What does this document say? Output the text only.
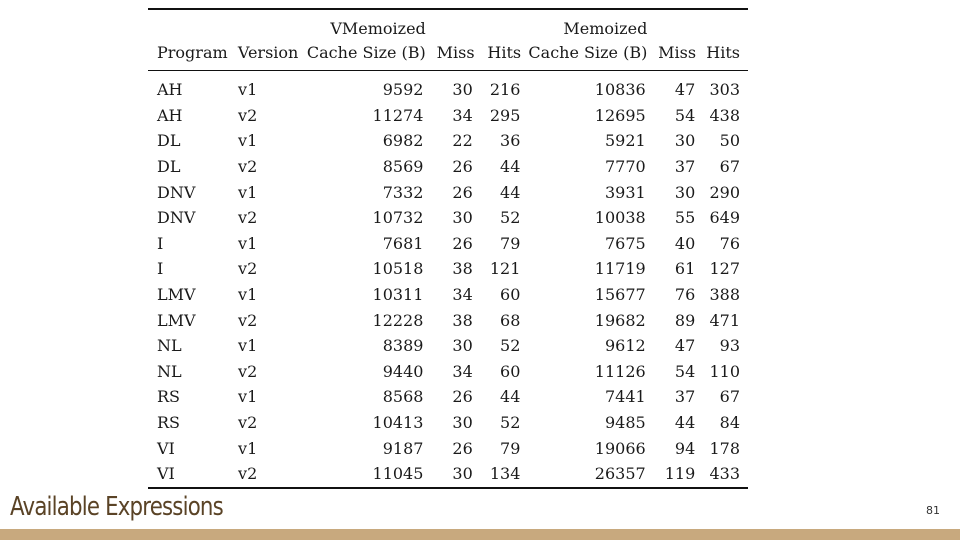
		VMemoized			Memoized		
Program	Version	Cache Size (B)	Miss	Hits	Cache Size (B)	Miss	Hits

AH	v1	9592	30	216	10836	47	303
AH	v2	11274	34	295	12695	54	438
DL	v1	6982	22	36	5921	30	50
DL	v2	8569	26	44	7770	37	67
DNV	v1	7332	26	44	3931	30	290
DNV	v2	10732	30	52	10038	55	649
I	v1	7681	26	79	7675	40	76
I	v2	10518	38	121	11719	61	127
LMV	v1	10311	34	60	15677	76	388
LMV	v2	12228	38	68	19682	89	471
NL	v1	8389	30	52	9612	47	93
NL	v2	9440	34	60	11126	54	110
RS	v1	8568	26	44	7441	37	67
RS	v2	10413	30	52	9485	44	84
VI	v1	9187	26	79	19066	94	178
VI	v2	11045	30	134	26357	119	433
Available Expressions	81
